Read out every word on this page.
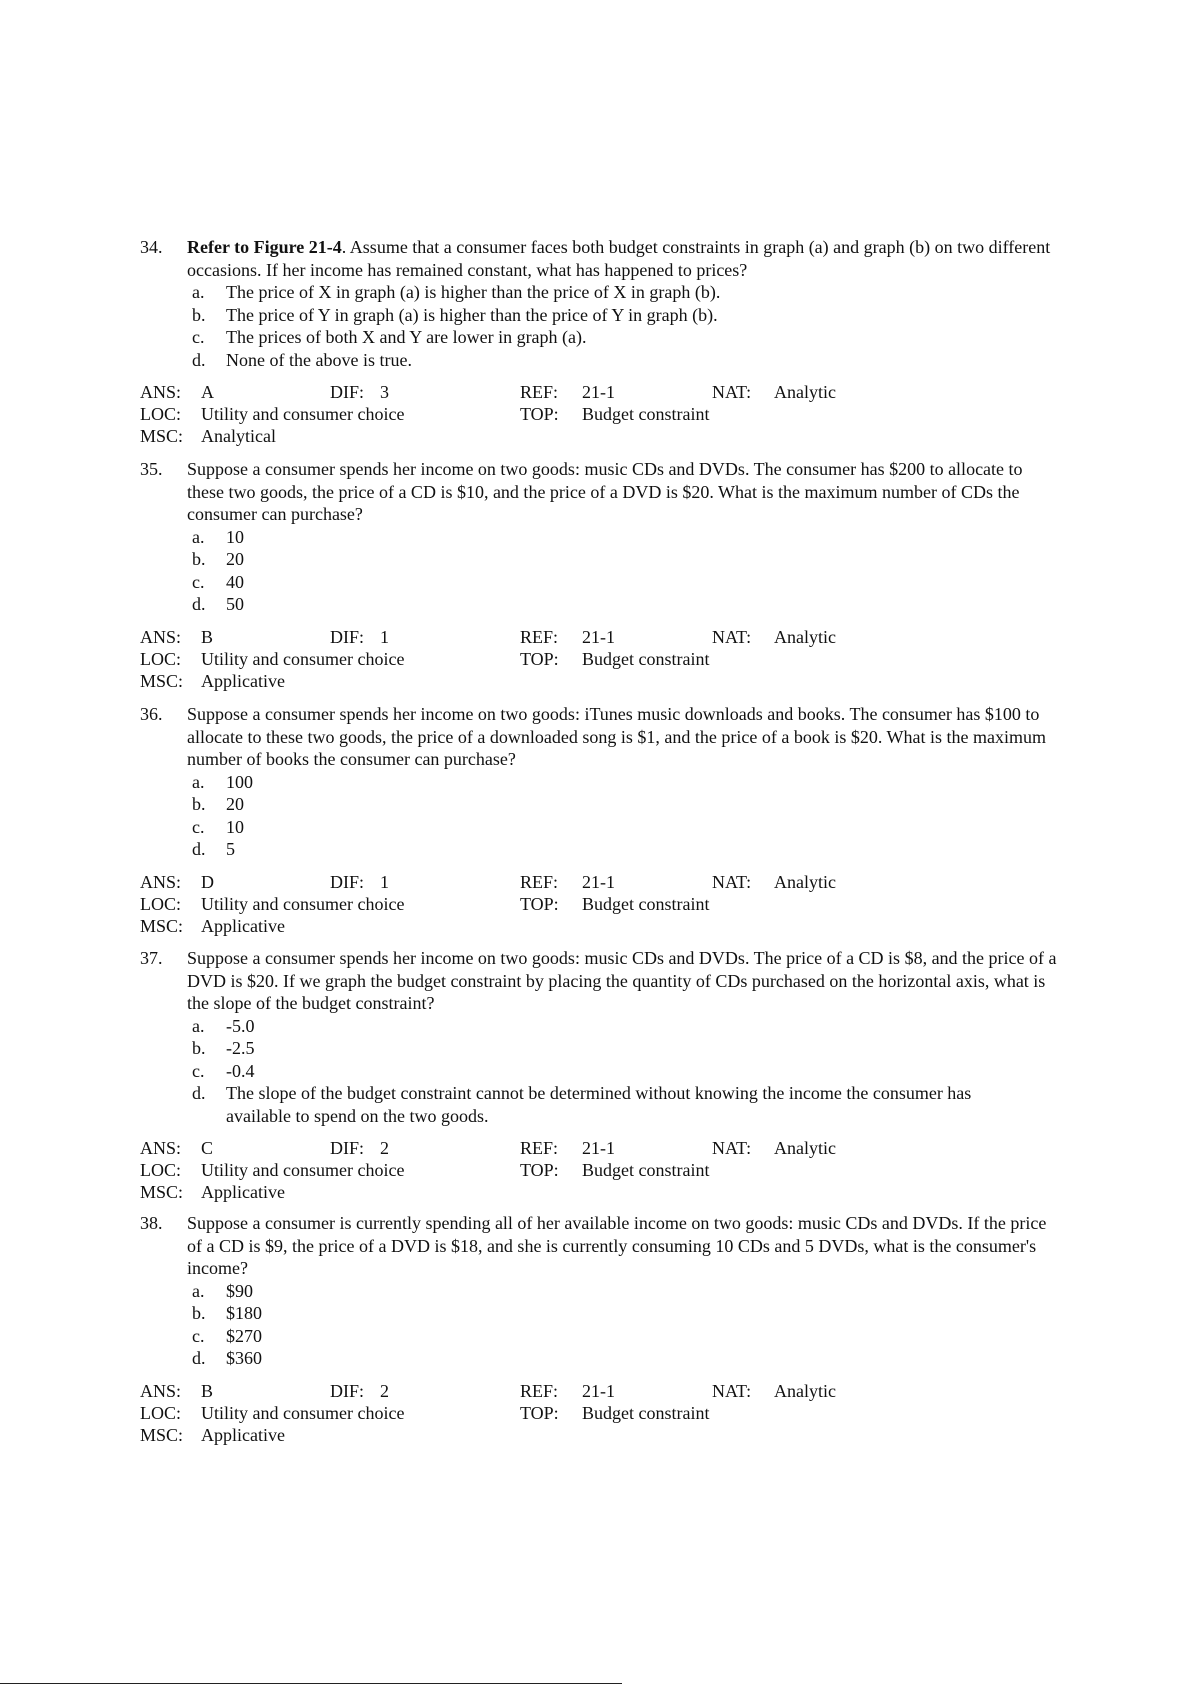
34. Refer to Figure 21-4. Assume that a consumer faces both budget constraints in graph (a) and graph (b) on two different occasions. If her income has remained constant, what has happened to prices?
a. The price of X in graph (a) is higher than the price of X in graph (b).
b. The price of Y in graph (a) is higher than the price of Y in graph (b).
c. The prices of both X and Y are lower in graph (a).
d. None of the above is true.
ANS: A	DIF: 3	REF: 21-1	NAT: Analytic
LOC: Utility and consumer choice	TOP: Budget constraint
MSC: Analytical
35. Suppose a consumer spends her income on two goods: music CDs and DVDs. The consumer has $200 to allocate to these two goods, the price of a CD is $10, and the price of a DVD is $20. What is the maximum number of CDs the consumer can purchase?
a. 10
b. 20
c. 40
d. 50
ANS: B	DIF: 1	REF: 21-1	NAT: Analytic
LOC: Utility and consumer choice	TOP: Budget constraint
MSC: Applicative
36. Suppose a consumer spends her income on two goods: iTunes music downloads and books. The consumer has $100 to allocate to these two goods, the price of a downloaded song is $1, and the price of a book is $20. What is the maximum number of books the consumer can purchase?
a. 100
b. 20
c. 10
d. 5
ANS: D	DIF: 1	REF: 21-1	NAT: Analytic
LOC: Utility and consumer choice	TOP: Budget constraint
MSC: Applicative
37. Suppose a consumer spends her income on two goods: music CDs and DVDs. The price of a CD is $8, and the price of a DVD is $20. If we graph the budget constraint by placing the quantity of CDs purchased on the horizontal axis, what is the slope of the budget constraint?
a. -5.0
b. -2.5
c. -0.4
d. The slope of the budget constraint cannot be determined without knowing the income the consumer has available to spend on the two goods.
ANS: C	DIF: 2	REF: 21-1	NAT: Analytic
LOC: Utility and consumer choice	TOP: Budget constraint
MSC: Applicative
38. Suppose a consumer is currently spending all of her available income on two goods: music CDs and DVDs. If the price of a CD is $9, the price of a DVD is $18, and she is currently consuming 10 CDs and 5 DVDs, what is the consumer's income?
a. $90
b. $180
c. $270
d. $360
ANS: B	DIF: 2	REF: 21-1	NAT: Analytic
LOC: Utility and consumer choice	TOP: Budget constraint
MSC: Applicative
